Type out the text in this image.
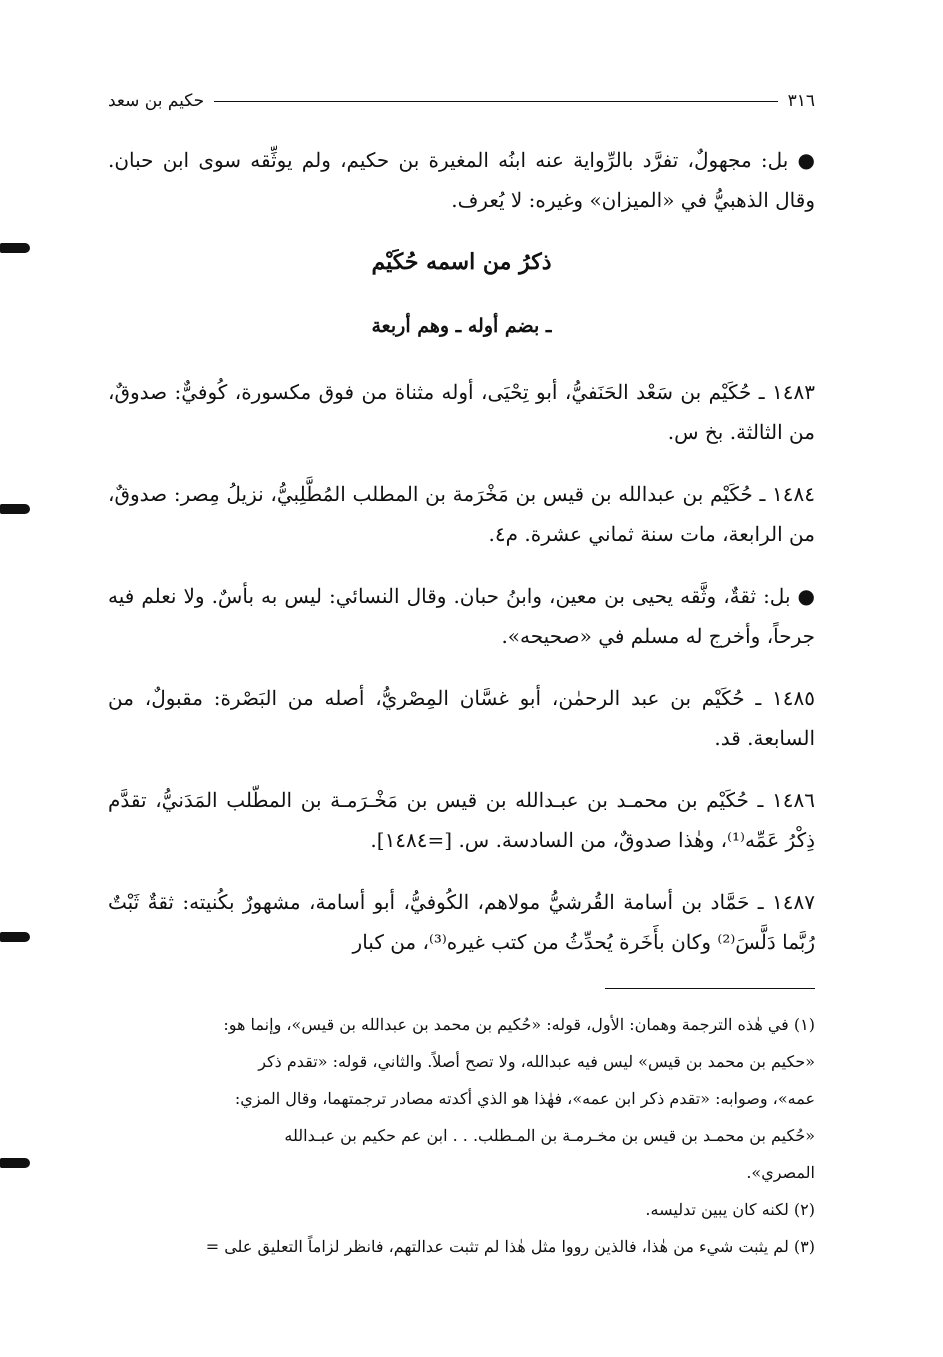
٣١٦
حكيم بن سعد

● بل: مجهولٌ، تفرَّد بالرِّواية عنه ابنُه المغيرة بن حكيم، ولم يوثِّقه سوى ابن حبان. وقال الذهبيُّ في «الميزان» وغيره: لا يُعرف.

ذكرُ من اسمه حُكَيْم
ـ بضم أوله ـ وهم أربعة

١٤٨٣ ـ حُكَيْم بن سَعْد الحَنَفيُّ، أبو تِحْيَى، أوله مثناة من فوق مكسورة، كُوفيٌّ: صدوقٌ، من الثالثة. بخ س.

١٤٨٤ ـ حُكَيْم بن عبدالله بن قيس بن مَخْرَمة بن المطلب المُطَّلِبيُّ، نزيلُ مِصر: صدوقٌ، من الرابعة، مات سنة ثماني عشرة. م٤.

● بل: ثقةٌ، وثَّقه يحيى بن معين، وابنُ حبان. وقال النسائي: ليس به بأسٌ. ولا نعلم فيه جرحاً، وأخرج له مسلم في «صحيحه».

١٤٨٥ ـ حُكَيْم بن عبد الرحمٰن، أبو غسَّان المِصْريُّ، أصله من البَصْرة: مقبولٌ، من السابعة. قد.

١٤٨٦ ـ حُكَيْم بن محمـد بن عبـدالله بن قيس بن مَخْـرَمـة بن المطّلب المَدَنيُّ، تقدَّم ذِكْرُ عَمِّه⁽¹⁾، وهٰذا صدوقٌ، من السادسة. س. [=١٤٨٤].

١٤٨٧ ـ حَمَّاد بن أسامة القُرشيُّ مولاهم، الكُوفيُّ، أبو أسامة، مشهورٌ بكُنيته: ثقةٌ ثَبْتٌ رُبَّما دَلَّسَ⁽²⁾ وكان بأَخَرة يُحدِّثُ من كتب غيره⁽³⁾، من كبار

(١) في هٰذه الترجمة وهمان: الأول، قوله: «حُكيم بن محمد بن عبدالله بن قيس»، وإنما هو:
«حكيم بن محمد بن قيس» ليس فيه عبدالله، ولا تصح أصلاً. والثاني، قوله: «تقدم ذكر
عمه»، وصوابه: «تقدم ذكر ابن عمه»، فهٰذا هو الذي أكدته مصادر ترجمتهما، وقال المزي:
«حُكيم بن محمـد بن قيس بن مخـرمـة بن المـطلب. . . ابن عم حكيم بن عبـدالله
المصري».
(٢) لكنه كان يبين تدليسه.
(٣) لم يثبت شيء من هٰذا، فالذين رووا مثل هٰذا لم تثبت عدالتهم، فانظر لزاماً التعليق على =
